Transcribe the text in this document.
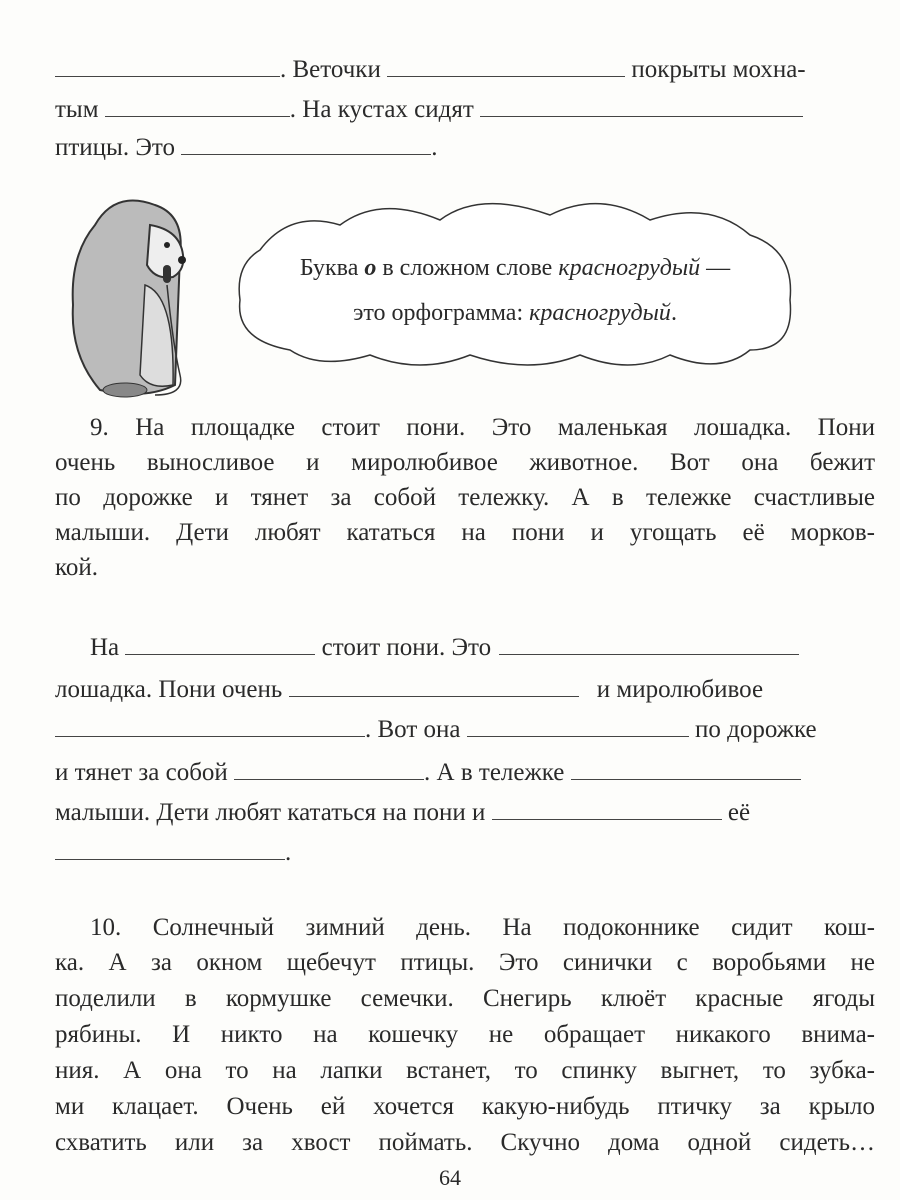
. Веточки	покрыты мохна-
тым	. На кустах сидят
птицы. Это	.
Буква о в сложном слове красногрудый —
это орфограмма: красногрудый.
9. На площадке стоит пони. Это маленькая лошадка. Пони
очень выносливое и миролюбивое животное. Вот она бежит
по дорожке и тянет за собой тележку. А в тележке счастливые
малыши. Дети любят кататься на пони и угощать её морков-
кой.
На	стоит пони. Это
лошадка. Пони очень	и миролюбивое
. Вот она	по дорожке
и тянет за собой	. А в тележке
малыши. Дети любят кататься на пони и	её
.
10. Солнечный зимний день. На подоконнике сидит кош-
ка. А за окном щебечут птицы. Это синички с воробьями не
поделили в кормушке семечки. Снегирь клюёт красные ягоды
рябины. И никто на кошечку не обращает никакого внима-
ния. А она то на лапки встанет, то спинку выгнет, то зубка-
ми клацает. Очень ей хочется какую-нибудь птичку за крыло
схватить или за хвост поймать. Скучно дома одной сидеть…
64
